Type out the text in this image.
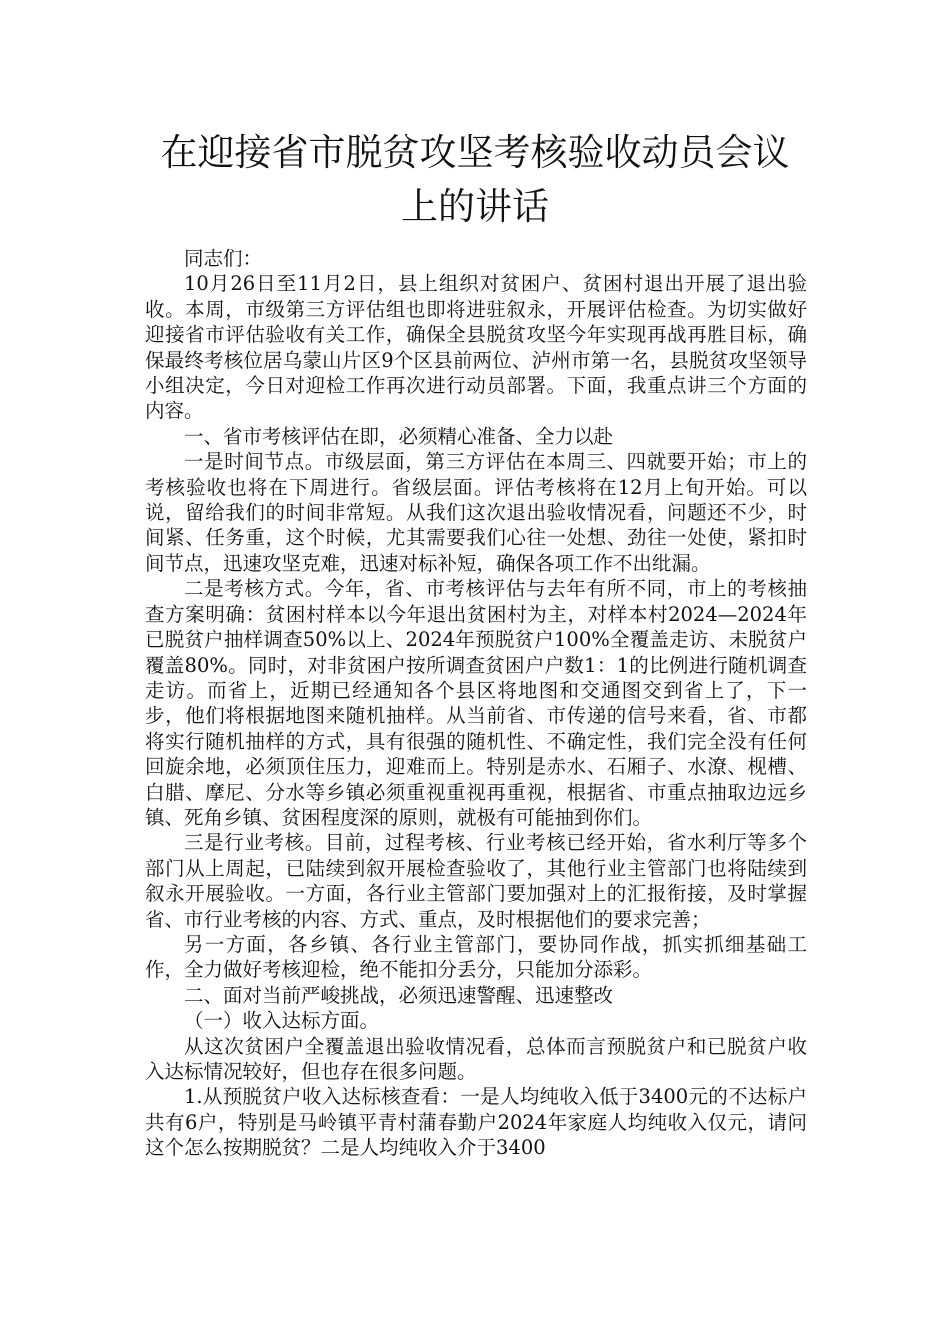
在迎接省市脱贫攻坚考核验收动员会议上的讲话

同志们：

10月26日至11月2日，县上组织对贫困户、贫困村退出开展了退出验收。本周，市级第三方评估组也即将进驻叙永，开展评估检查。为切实做好迎接省市评估验收有关工作，确保全县脱贫攻坚今年实现再战再胜目标，确保最终考核位居乌蒙山片区9个区县前两位、泸州市第一名，县脱贫攻坚领导小组决定，今日对迎检工作再次进行动员部署。下面，我重点讲三个方面的内容。

一、省市考核评估在即，必须精心准备、全力以赴

一是时间节点。市级层面，第三方评估在本周三、四就要开始；市上的考核验收也将在下周进行。省级层面。评估考核将在12月上旬开始。可以说，留给我们的时间非常短。从我们这次退出验收情况看，问题还不少，时间紧、任务重，这个时候，尤其需要我们心往一处想、劲往一处使，紧扣时间节点，迅速攻坚克难，迅速对标补短，确保各项工作不出纰漏。

二是考核方式。今年，省、市考核评估与去年有所不同，市上的考核抽查方案明确：贫困村样本以今年退出贫困村为主，对样本村2024—2024年已脱贫户抽样调查50%以上、2024年预脱贫户100%全覆盖走访、未脱贫户覆盖80%。同时，对非贫困户按所调查贫困户户数1：1的比例进行随机调查走访。而省上，近期已经通知各个县区将地图和交通图交到省上了，下一步，他们将根据地图来随机抽样。从当前省、市传递的信号来看，省、市都将实行随机抽样的方式，具有很强的随机性、不确定性，我们完全没有任何回旋余地，必须顶住压力，迎难而上。特别是赤水、石厢子、水潦、枧槽、白腊、摩尼、分水等乡镇必须重视重视再重视，根据省、市重点抽取边远乡镇、死角乡镇、贫困程度深的原则，就极有可能抽到你们。

三是行业考核。目前，过程考核、行业考核已经开始，省水利厅等多个部门从上周起，已陆续到叙开展检查验收了，其他行业主管部门也将陆续到叙永开展验收。一方面，各行业主管部门要加强对上的汇报衔接，及时掌握省、市行业考核的内容、方式、重点，及时根据他们的要求完善；

另一方面，各乡镇、各行业主管部门，要协同作战，抓实抓细基础工作，全力做好考核迎检，绝不能扣分丢分，只能加分添彩。

二、面对当前严峻挑战，必须迅速警醒、迅速整改

（一）收入达标方面。

从这次贫困户全覆盖退出验收情况看，总体而言预脱贫户和已脱贫户收入达标情况较好，但也存在很多问题。

1.从预脱贫户收入达标核查看：一是人均纯收入低于3400元的不达标户共有6户，特别是马岭镇平青村蒲春勤户2024年家庭人均纯收入仅元，请问这个怎么按期脱贫？二是人均纯收入介于3400
